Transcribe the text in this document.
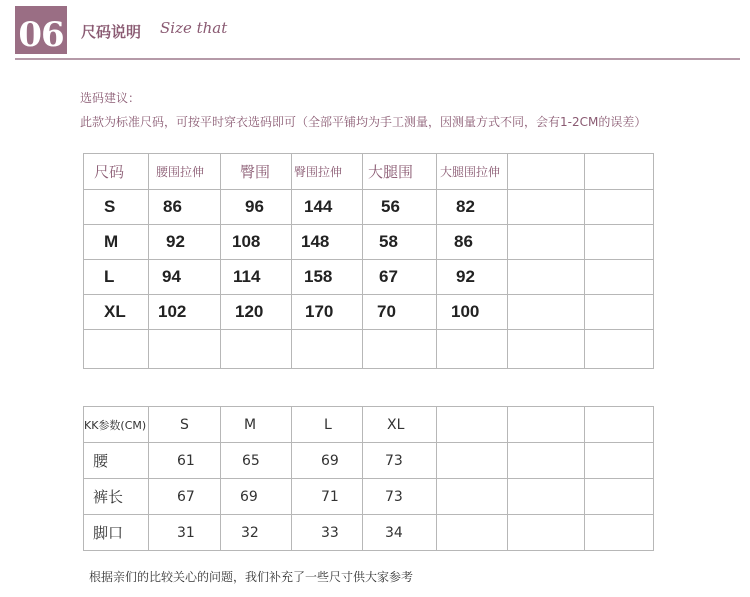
06 尺码说明 Size that
选码建议：
此款为标准尺码，可按平时穿衣选码即可（全部平铺均为手工测量，因测量方式不同，会有1-2CM的误差）
尺码	腰围拉伸	臀围	臀围拉伸	大腿围	大腿围拉伸		
S	86	96	144	56	82		
M	92	108	148	58	86		
L	94	114	158	67	92		
XL	102	120	170	70	100		

KK参数(CM)	S	M	L	XL			
腰	61	65	69	73			
裤长	67	69	71	73			
脚口	31	32	33	34			
根据亲们的比较关心的问题，我们补充了一些尺寸供大家参考
